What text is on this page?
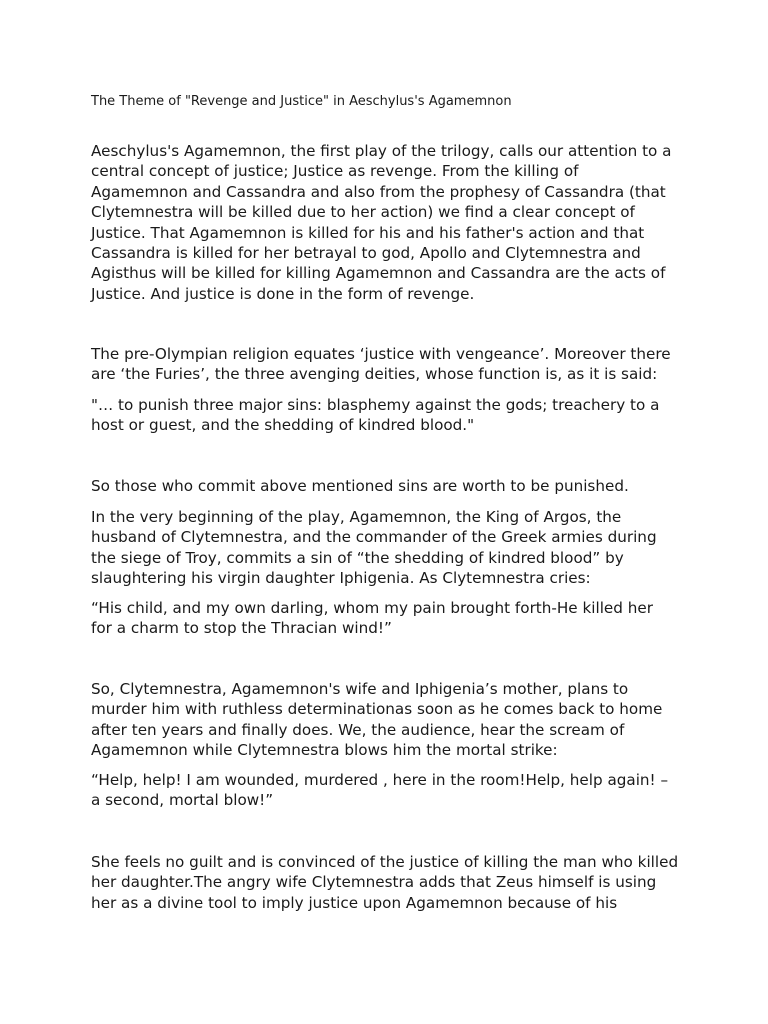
The Theme of "Revenge and Justice" in Aeschylus's Agamemnon

Aeschylus's Agamemnon, the first play of the trilogy, calls our attention to a
central concept of justice; Justice as revenge. From the killing of
Agamemnon and Cassandra and also from the prophesy of Cassandra (that
Clytemnestra will be killed due to her action) we find a clear concept of
Justice. That Agamemnon is killed for his and his father's action and that
Cassandra is killed for her betrayal to god, Apollo and Clytemnestra and
Agisthus will be killed for killing Agamemnon and Cassandra are the acts of
Justice. And justice is done in the form of revenge.

The pre-Olympian religion equates ‘justice with vengeance’. Moreover there
are ‘the Furies’, the three avenging deities, whose function is, as it is said:

"… to punish three major sins: blasphemy against the gods; treachery to a
host or guest, and the shedding of kindred blood."

So those who commit above mentioned sins are worth to be punished.

In the very beginning of the play, Agamemnon, the King of Argos, the
husband of Clytemnestra, and the commander of the Greek armies during
the siege of Troy, commits a sin of “the shedding of kindred blood” by
slaughtering his virgin daughter Iphigenia. As Clytemnestra cries:

“His child, and my own darling, whom my pain brought forth-He killed her
for a charm to stop the Thracian wind!”

So, Clytemnestra, Agamemnon's wife and Iphigenia’s mother, plans to
murder him with ruthless determinationas soon as he comes back to home
after ten years and finally does. We, the audience, hear the scream of
Agamemnon while Clytemnestra blows him the mortal strike:

“Help, help! I am wounded, murdered , here in the room!Help, help again! –
a second, mortal blow!”

She feels no guilt and is convinced of the justice of killing the man who killed
her daughter.The angry wife Clytemnestra adds that Zeus himself is using
her as a divine tool to imply justice upon Agamemnon because of his
